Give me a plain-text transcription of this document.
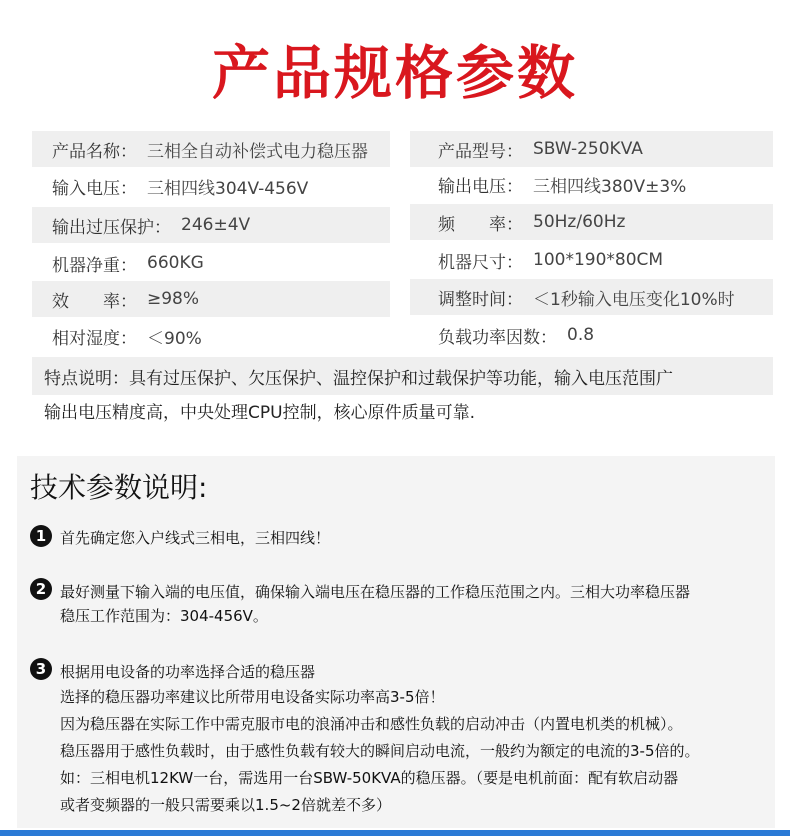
产品规格参数
产品名称： 三相全自动补偿式电力稳压器	产品型号： SBW-250KVA
输入电压： 三相四线304V-456V	输出电压： 三相四线380V±3%
输出过压保护： 246±4V	频　　率： 50Hz/60Hz
机器净重： 660KG	机器尺寸： 100*190*80CM
效　　率： ≥98%	调整时间： ＜1秒输入电压变化10%时
相对湿度： ＜90%	负载功率因数： 0.8
特点说明：具有过压保护、欠压保护、温控保护和过载保护等功能，输入电压范围广
输出电压精度高，中央处理CPU控制，核心原件质量可靠.
技术参数说明:
1 首先确定您入户线式三相电，三相四线！
2 最好测量下输入端的电压值，确保输入端电压在稳压器的工作稳压范围之内。三相大功率稳压器
稳压工作范围为：304-456V。
3 根据用电设备的功率选择合适的稳压器
选择的稳压器功率建议比所带用电设备实际功率高3-5倍！
因为稳压器在实际工作中需克服市电的浪涌冲击和感性负载的启动冲击（内置电机类的机械）。
稳压器用于感性负载时，由于感性负载有较大的瞬间启动电流，一般约为额定的电流的3-5倍的。
如：三相电机12KW一台，需选用一台SBW-50KVA的稳压器。（要是电机前面：配有软启动器
或者变频器的一般只需要乘以1.5~2倍就差不多）
